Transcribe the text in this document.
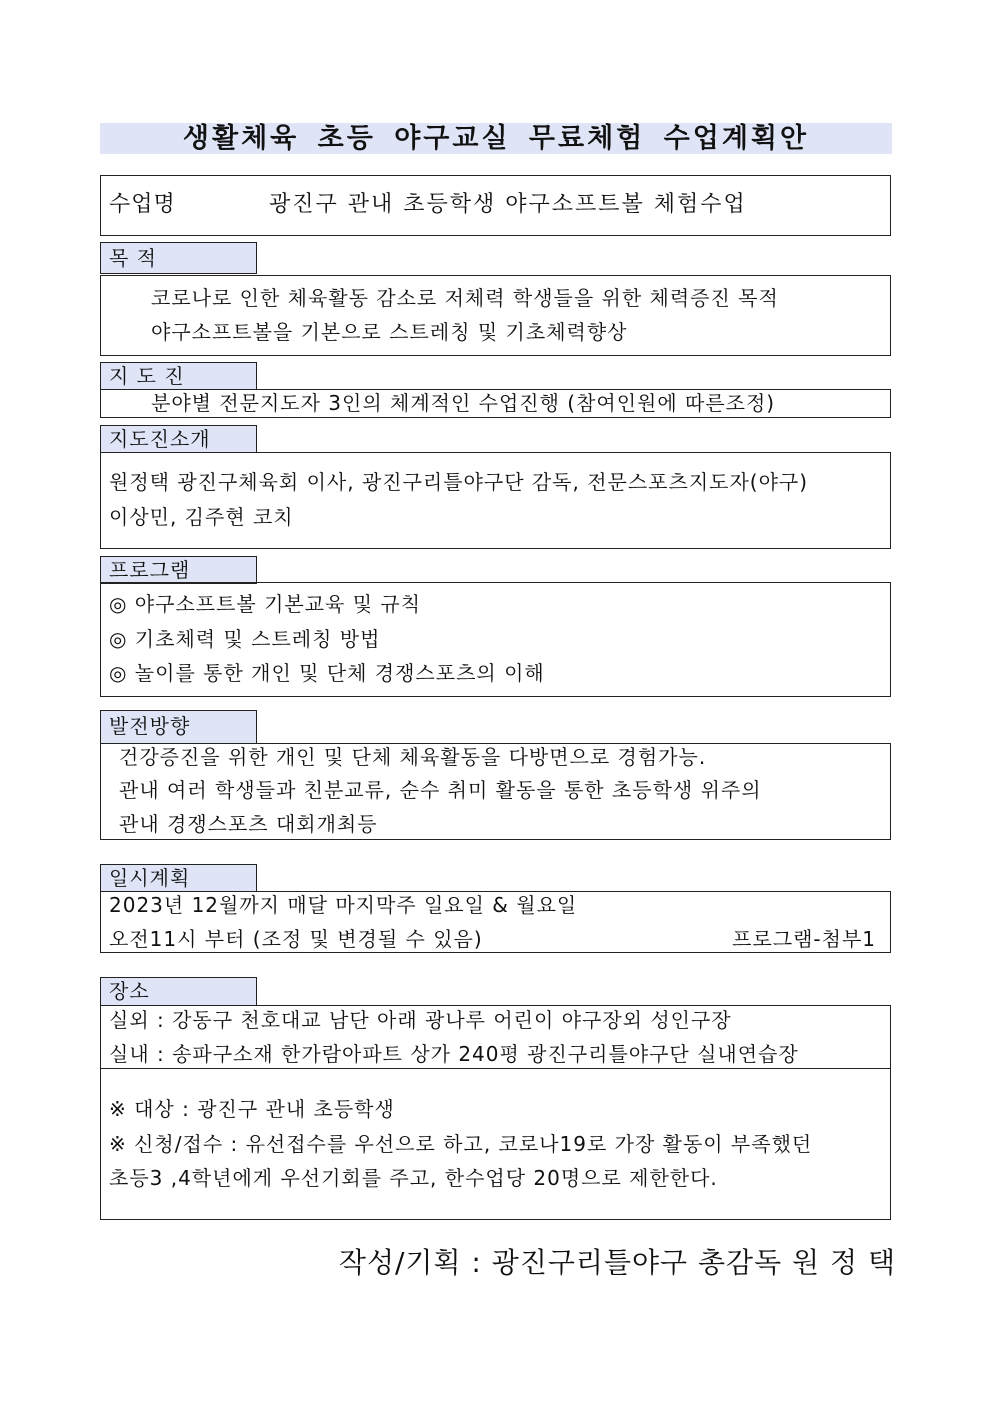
생활체육 초등 야구교실 무료체험 수업계획안
수업명	광진구 관내 초등학생 야구소프트볼 체험수업
목 적
코로나로 인한 체육활동 감소로 저체력 학생들을 위한 체력증진 목적
야구소프트볼을 기본으로 스트레칭 및 기초체력향상
지 도 진
분야별 전문지도자 3인의 체계적인 수업진행 (참여인원에 따른조정)
지도진소개
원정택 광진구체육회 이사, 광진구리틀야구단 감독, 전문스포츠지도자(야구)
이상민, 김주현 코치
프로그램
◎ 야구소프트볼 기본교육 및 규칙
◎ 기초체력 및 스트레칭 방법
◎ 놀이를 통한 개인 및 단체 경쟁스포츠의 이해
발전방향
건강증진을 위한 개인 및 단체 체육활동을 다방면으로 경험가능.
관내 여러 학생들과 친분교류, 순수 취미 활동을 통한 초등학생 위주의
관내 경쟁스포츠 대회개최등
일시계획
2023년 12월까지 매달 마지막주 일요일 & 월요일
오전11시 부터 (조정 및 변경될 수 있음)	프로그램-첨부1
장소
실외 : 강동구 천호대교 남단 아래 광나루 어린이 야구장외 성인구장
실내 : 송파구소재 한가람아파트 상가 240평 광진구리틀야구단 실내연습장
※ 대상 : 광진구 관내 초등학생
※ 신청/접수 : 유선접수를 우선으로 하고, 코로나19로 가장 활동이 부족했던
초등3 ,4학년에게 우선기회를 주고, 한수업당 20명으로 제한한다.
작성/기획 : 광진구리틀야구 총감독 원 정 택
